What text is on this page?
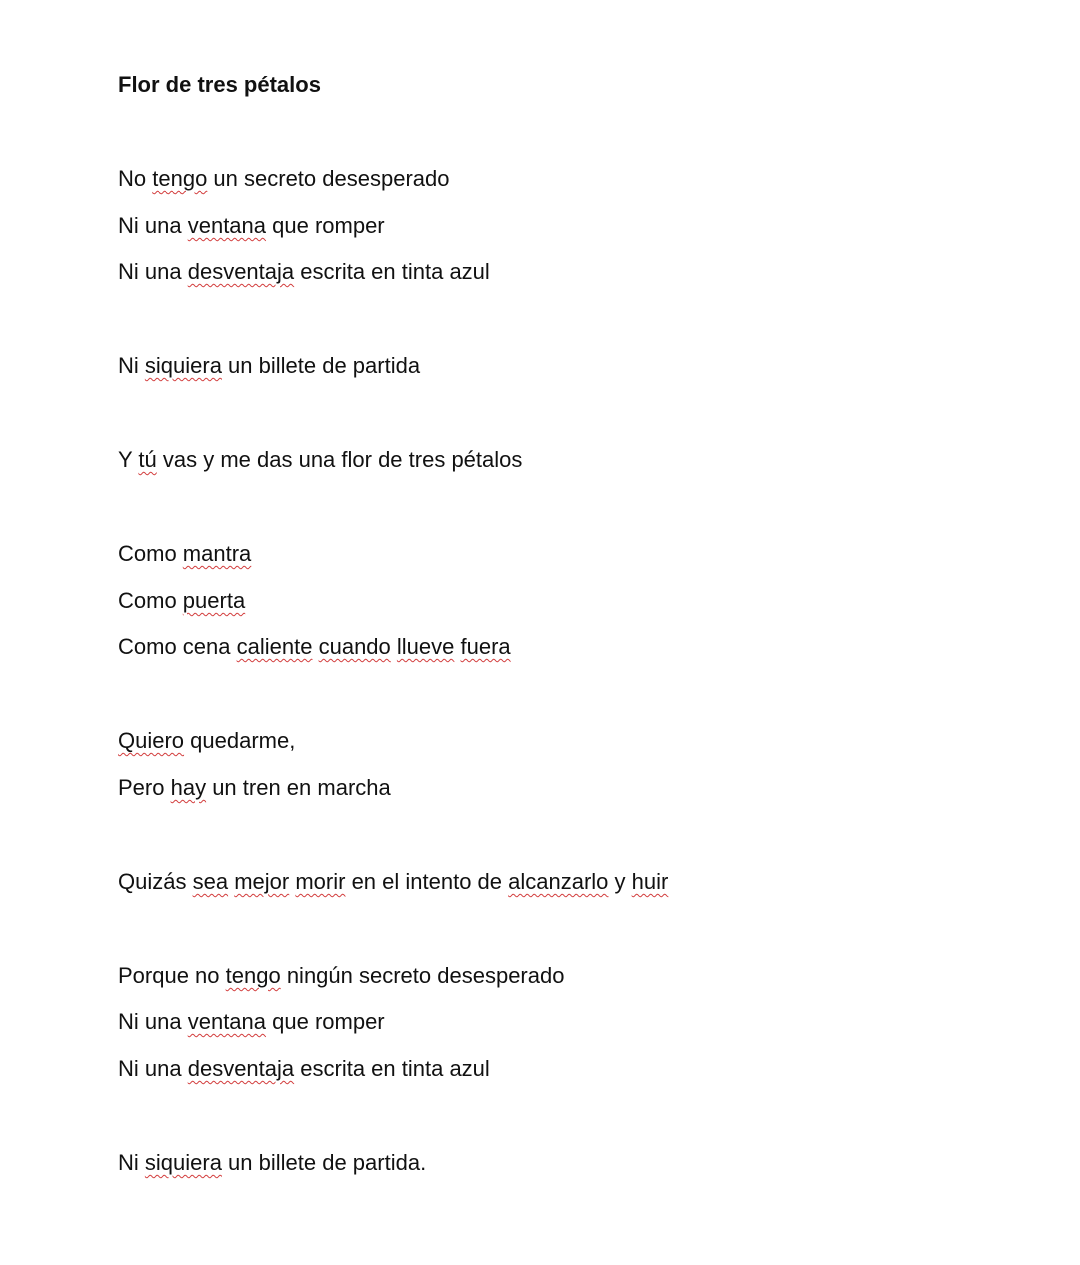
Flor de tres pétalos

No tengo un secreto desesperado

Ni una ventana que romper

Ni una desventaja escrita en tinta azul

Ni siquiera un billete de partida

Y tú vas y me das una flor de tres pétalos

Como mantra

Como puerta

Como cena caliente cuando llueve fuera

Quiero quedarme,

Pero hay un tren en marcha

Quizás sea mejor morir en el intento de alcanzarlo y huir

Porque no tengo ningún secreto desesperado

Ni una ventana que romper

Ni una desventaja escrita en tinta azul

Ni siquiera un billete de partida.
